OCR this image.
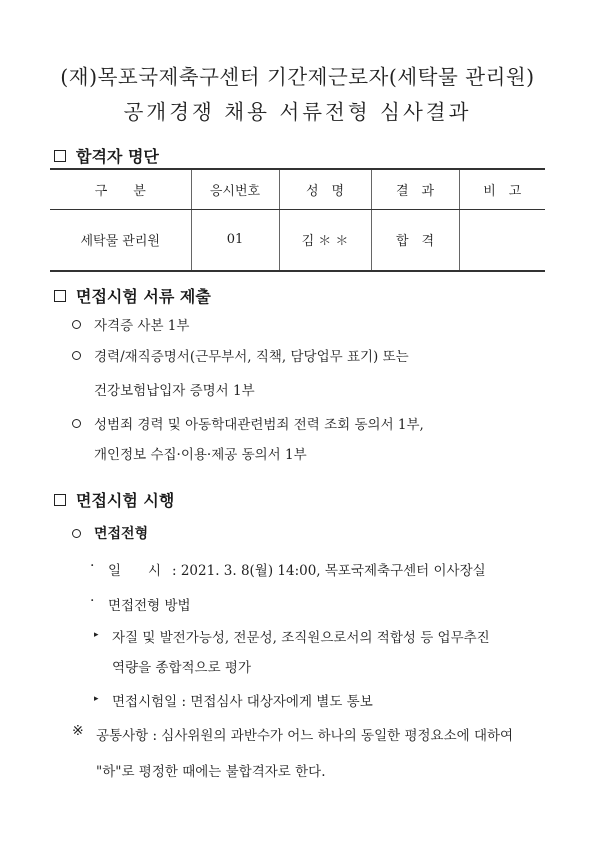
(재)목포국제축구센터 기간제근로자(세탁물 관리원)
공개경쟁 채용 서류전형 심사결과
합격자 명단
구　　분	응시번호	성　명	결　과	비　고
세탁물 관리원	01	김 ＊ ＊	합　격	
면접시험 서류 제출
자격증 사본 1부
경력/재직증명서(근무부서, 직책, 담당업무 표기) 또는
건강보험납입자 증명서 1부
성범죄 경력 및 아동학대관련범죄 전력 조회 동의서 1부,
개인정보 수집·이용·제공 동의서 1부
면접시험 시행
면접전형
· 일　　시 : 2021. 3. 8(월) 14:00, 목포국제축구센터 이사장실
· 면접전형 방법
▸ 자질 및 발전가능성, 전문성, 조직원으로서의 적합성 등 업무추진
역량을 종합적으로 평가
▸ 면접시험일 : 면접심사 대상자에게 별도 통보
※ 공통사항 : 심사위원의 과반수가 어느 하나의 동일한 평정요소에 대하여
"하"로 평정한 때에는 불합격자로 한다.
